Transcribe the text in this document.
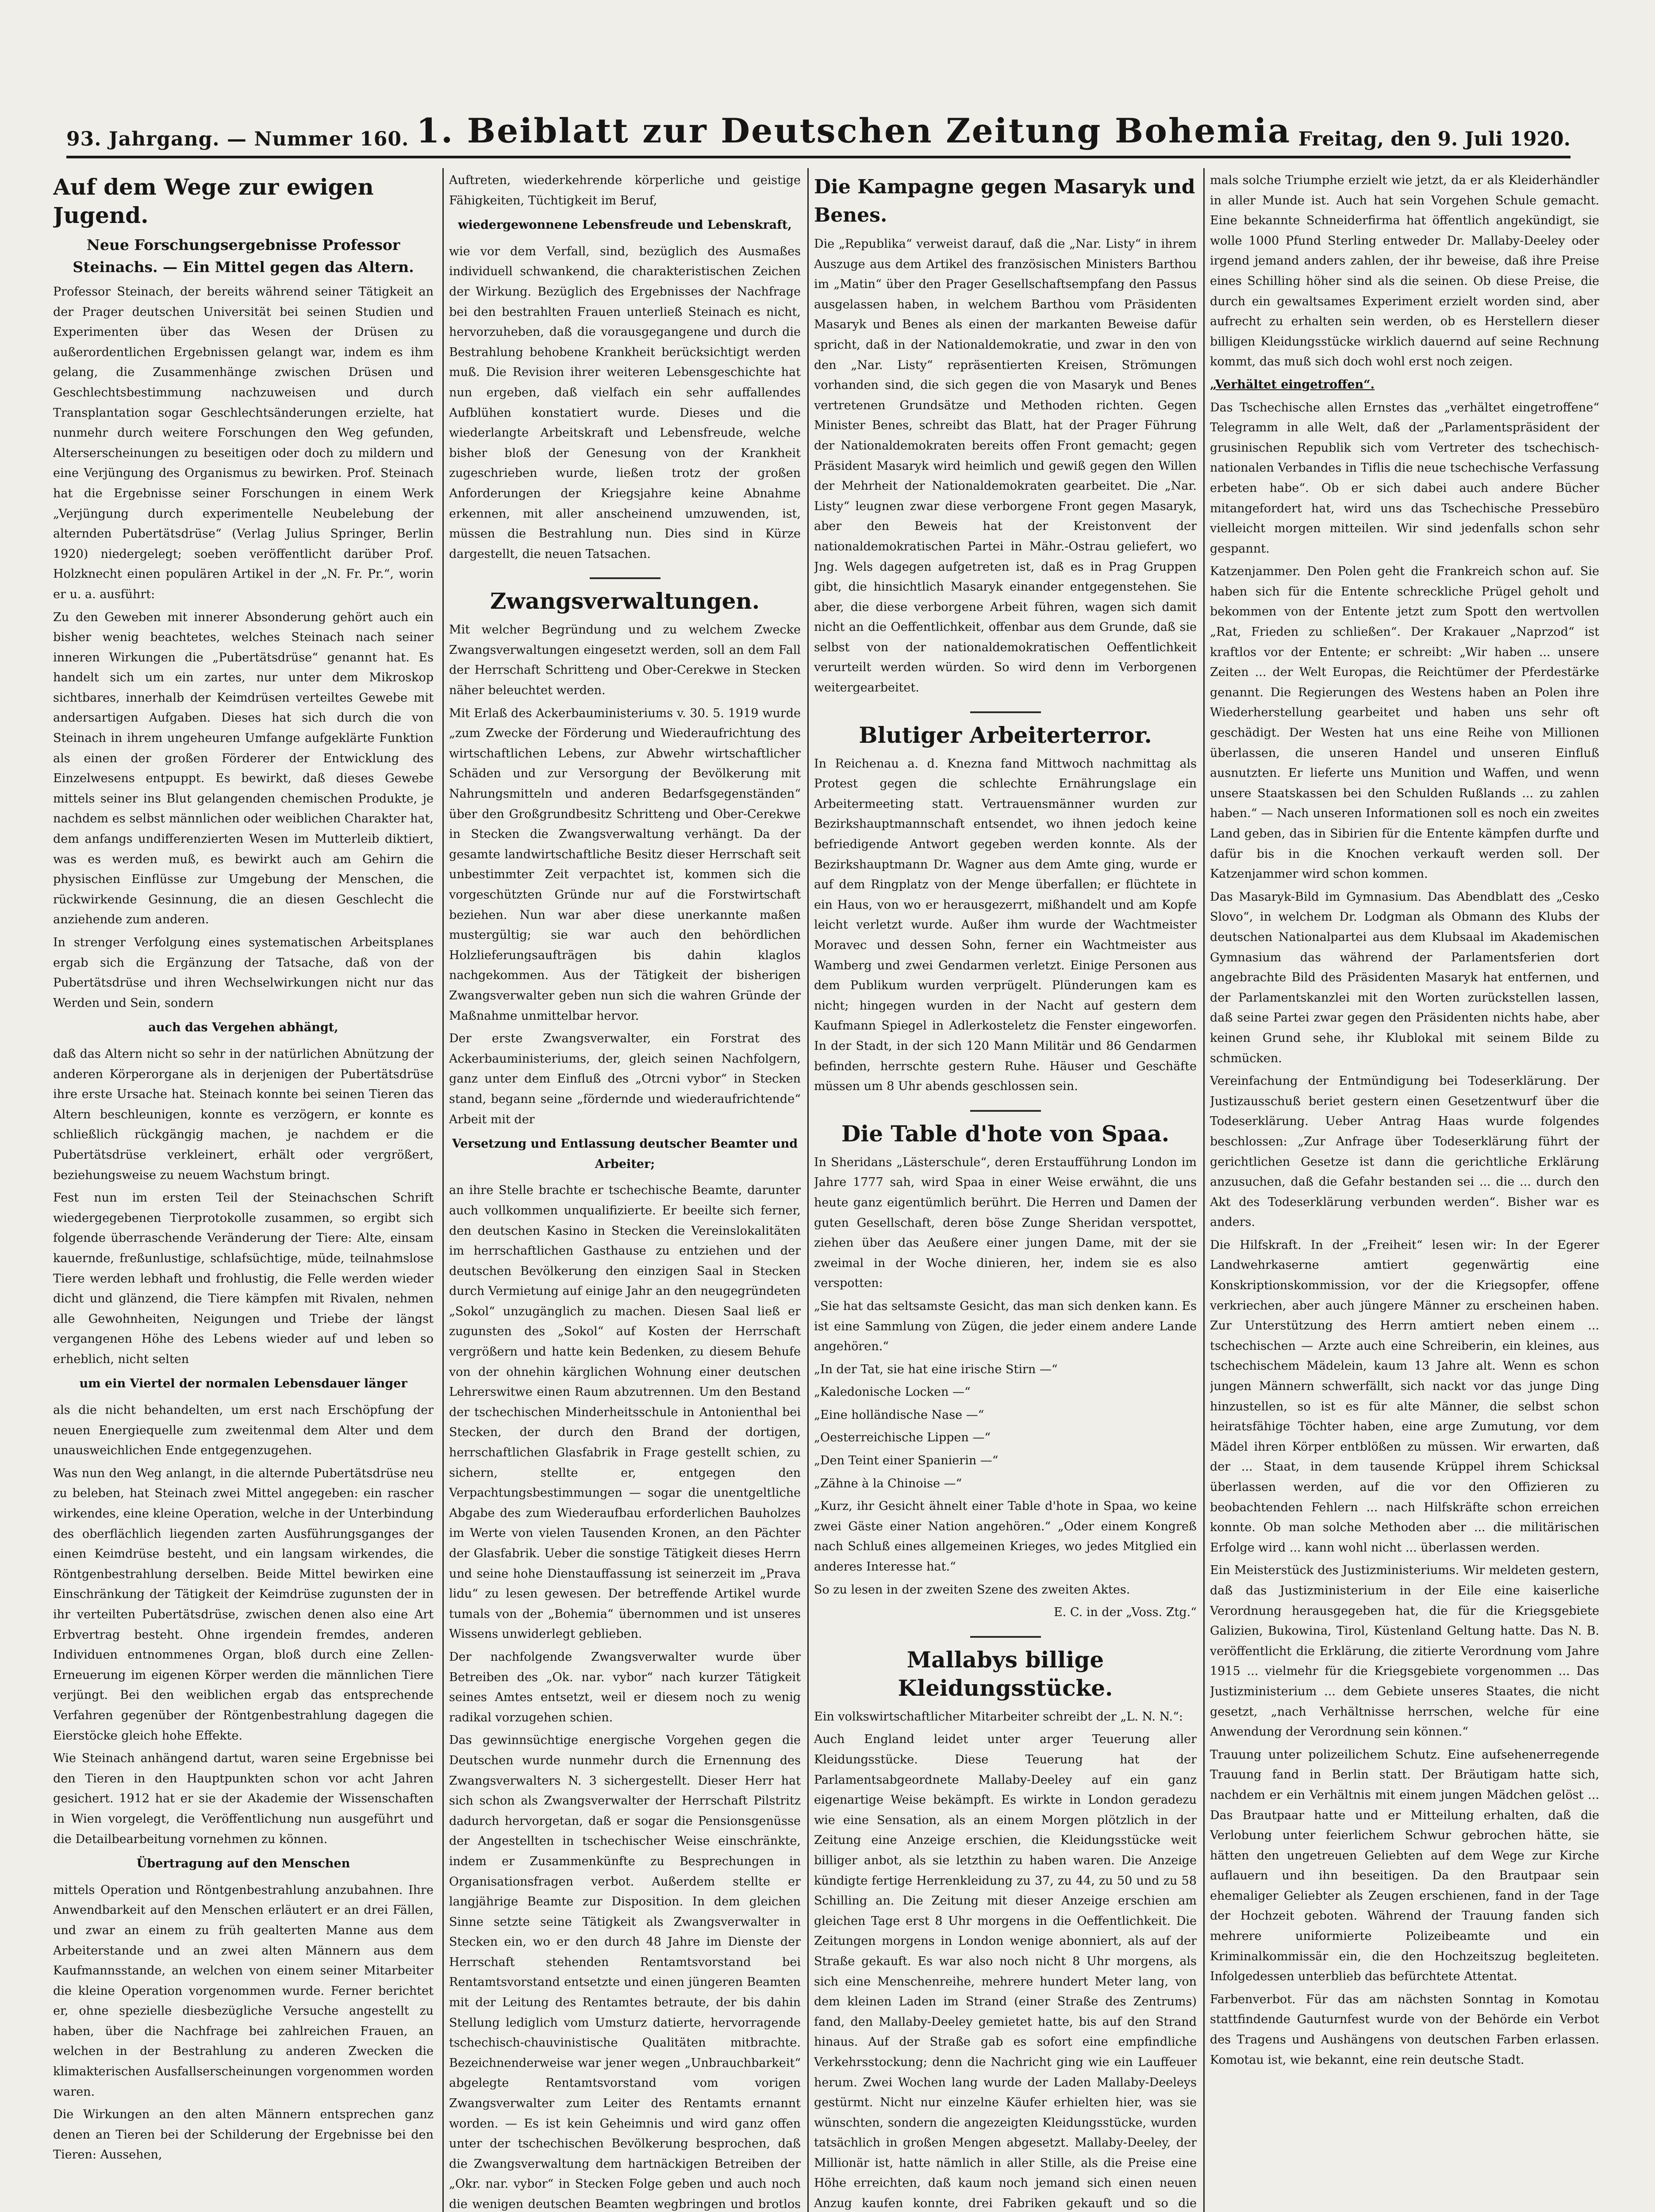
93. Jahrgang. — Nummer 160. 1. Beiblatt zur Deutschen Zeitung Bohemia Freitag, den 9. Juli 1920.
Auf dem Wege zur ewigen Jugend.
Neue Forschungsergebnisse Professor Steinachs. — Ein Mittel gegen das Altern.

Professor Steinach, der bereits während seiner Tätigkeit an der Prager deutschen Universität bei seinen Studien und Experimenten über das Wesen der Drüsen zu außerordentlichen Ergebnissen gelangt war, indem es ihm gelang, die Zusammenhänge zwischen Drüsen und Geschlechtsbestimmung nachzuweisen und durch Transplantation sogar Geschlechtsänderungen erzielte, hat nunmehr durch weitere Forschungen den Weg gefunden, Alterserscheinungen zu beseitigen oder doch zu mildern und eine Verjüngung des Organismus zu bewirken. Prof. Steinach hat die Ergebnisse seiner Forschungen in einem Werk „Verjüngung durch experimentelle Neubelebung der alternden Pubertätsdrüse“ (Verlag Julius Springer, Berlin 1920) niedergelegt; soeben veröffentlicht darüber Prof. Holzknecht einen populären Artikel in der „N. Fr. Pr.“, worin er u. a. ausführt:

Zu den Geweben mit innerer Absonderung gehört auch ein bisher wenig beachtetes, welches Steinach nach seiner inneren Wirkungen die „Pubertätsdrüse“ genannt hat. Es handelt sich um ein zartes, nur unter dem Mikroskop sichtbares, innerhalb der Keimdrüsen verteiltes Gewebe mit andersartigen Aufgaben. Dieses hat sich durch die von Steinach in ihrem ungeheuren Umfange aufgeklärte Funktion als einen der großen Förderer der Entwicklung des Einzelwesens entpuppt. Es bewirkt, daß dieses Gewebe mittels seiner ins Blut gelangenden chemischen Produkte, je nachdem es selbst männlichen oder weiblichen Charakter hat, dem anfangs undifferenzierten Wesen im Mutterleib diktiert, was es werden muß, es bewirkt auch am Gehirn die physischen Einflüsse zur Umgebung der Menschen, die rückwirkende Gesinnung, die an diesen Geschlecht die anziehende zum anderen.

In strenger Verfolgung eines systematischen Arbeitsplanes ergab sich die Ergänzung der Tatsache, daß von der Pubertätsdrüse und ihren Wechselwirkungen nicht nur das Werden und Sein, sondern

auch das Vergehen abhängt,

daß das Altern nicht so sehr in der natürlichen Abnützung der anderen Körperorgane als in derjenigen der Pubertätsdrüse ihre erste Ursache hat. Steinach konnte bei seinen Tieren das Altern beschleunigen, konnte es verzögern, er konnte es schließlich rückgängig machen, je nachdem er die Pubertätsdrüse verkleinert, erhält oder vergrößert, beziehungsweise zu neuem Wachstum bringt.

Fest nun im ersten Teil der Steinachschen Schrift wiedergegebenen Tierprotokolle zusammen, so ergibt sich folgende überraschende Veränderung der Tiere: Alte, einsam kauernde, freßunlustige, schlafsüchtige, müde, teilnahmslose Tiere werden lebhaft und frohlustig, die Felle werden wieder dicht und glänzend, die Tiere kämpfen mit Rivalen, nehmen alle Gewohnheiten, Neigungen und Triebe der längst vergangenen Höhe des Lebens wieder auf und leben so erheblich, nicht selten

um ein Viertel der normalen Lebensdauer länger

als die nicht behandelten, um erst nach Erschöpfung der neuen Energiequelle zum zweitenmal dem Alter und dem unausweichlichen Ende entgegenzugehen.

Was nun den Weg anlangt, in die alternde Pubertätsdrüse neu zu beleben, hat Steinach zwei Mittel angegeben: ein rascher wirkendes, eine kleine Operation, welche in der Unterbindung des oberflächlich liegenden zarten Ausführungsganges der einen Keimdrüse besteht, und ein langsam wirkendes, die Röntgenbestrahlung derselben. Beide Mittel bewirken eine Einschränkung der Tätigkeit der Keimdrüse zugunsten der in ihr verteilten Pubertätsdrüse, zwischen denen also eine Art Erbvertrag besteht. Ohne irgendein fremdes, anderen Individuen entnommenes Organ, bloß durch eine Zellen-Erneuerung im eigenen Körper werden die männlichen Tiere verjüngt. Bei den weiblichen ergab das entsprechende Verfahren gegenüber der Röntgenbestrahlung dagegen die Eierstöcke gleich hohe Effekte.

Wie Steinach anhängend dartut, waren seine Ergebnisse bei den Tieren in den Hauptpunkten schon vor acht Jahren gesichert. 1912 hat er sie der Akademie der Wissenschaften in Wien vorgelegt, die Veröffentlichung nun ausgeführt und die Detailbearbeitung vornehmen zu können.

Übertragung auf den Menschen

mittels Operation und Röntgenbestrahlung anzubahnen. Ihre Anwendbarkeit auf den Menschen erläutert er an drei Fällen, und zwar an einem zu früh gealterten Manne aus dem Arbeiterstande und an zwei alten Männern aus dem Kaufmannsstande, an welchen von einem seiner Mitarbeiter die kleine Operation vorgenommen wurde. Ferner berichtet er, ohne spezielle diesbezügliche Versuche angestellt zu haben, über die Nachfrage bei zahlreichen Frauen, an welchen in der Bestrahlung zu anderen Zwecken die klimakterischen Ausfallserscheinungen vorgenommen worden waren.

Die Wirkungen an den alten Männern entsprechen ganz denen an Tieren bei der Schilderung der Ergebnisse bei den Tieren: Aussehen,

Auftreten, wiederkehrende körperliche und geistige Fähigkeiten, Tüchtigkeit im Beruf,

wiedergewonnene Lebensfreude und Lebenskraft,

wie vor dem Verfall, sind, bezüglich des Ausmaßes individuell schwankend, die charakteristischen Zeichen der Wirkung. Bezüglich des Ergebnisses der Nachfrage bei den bestrahlten Frauen unterließ Steinach es nicht, hervorzuheben, daß die vorausgegangene und durch die Bestrahlung behobene Krankheit berücksichtigt werden muß. Die Revision ihrer weiteren Lebensgeschichte hat nun ergeben, daß vielfach ein sehr auffallendes Aufblühen konstatiert wurde. Dieses und die wiederlangte Arbeitskraft und Lebensfreude, welche bisher bloß der Genesung von der Krankheit zugeschrieben wurde, ließen trotz der großen Anforderungen der Kriegsjahre keine Abnahme erkennen, mit aller anscheinend umzuwenden, ist, müssen die Bestrahlung nun. Dies sind in Kürze dargestellt, die neuen Tatsachen.

Zwangsverwaltungen.

Mit welcher Begründung und zu welchem Zwecke Zwangsverwaltungen eingesetzt werden, soll an dem Fall der Herrschaft Schritteng und Ober-Cerekwe in Stecken näher beleuchtet werden.

Mit Erlaß des Ackerbauministeriums v. 30. 5. 1919 wurde „zum Zwecke der Förderung und Wiederaufrichtung des wirtschaftlichen Lebens, zur Abwehr wirtschaftlicher Schäden und zur Versorgung der Bevölkerung mit Nahrungsmitteln und anderen Bedarfsgegenständen“ über den Großgrundbesitz Schritteng und Ober-Cerekwe in Stecken die Zwangsverwaltung verhängt. Da der gesamte landwirtschaftliche Besitz dieser Herrschaft seit unbestimmter Zeit verpachtet ist, kommen sich die vorgeschützten Gründe nur auf die Forstwirtschaft beziehen. Nun war aber diese unerkannte maßen mustergültig; sie war auch den behördlichen Holzlieferungsaufträgen bis dahin klaglos nachgekommen. Aus der Tätigkeit der bisherigen Zwangsverwalter geben nun sich die wahren Gründe der Maßnahme unmittelbar hervor.

Der erste Zwangsverwalter, ein Forstrat des Ackerbauministeriums, der, gleich seinen Nachfolgern, ganz unter dem Einfluß des „Otrcni vybor“ in Stecken stand, begann seine „fördernde und wiederaufrichtende“ Arbeit mit der

Versetzung und Entlassung deutscher Beamter und Arbeiter;

an ihre Stelle brachte er tschechische Beamte, darunter auch vollkommen unqualifizierte. Er beeilte sich ferner, den deutschen Kasino in Stecken die Vereinslokalitäten im herrschaftlichen Gasthause zu entziehen und der deutschen Bevölkerung den einzigen Saal in Stecken durch Vermietung auf einige Jahr an den neugegründeten „Sokol“ unzugänglich zu machen. Diesen Saal ließ er zugunsten des „Sokol“ auf Kosten der Herrschaft vergrößern und hatte kein Bedenken, zu diesem Behufe von der ohnehin kärglichen Wohnung einer deutschen Lehrerswitwe einen Raum abzutrennen. Um den Bestand der tschechischen Minderheitsschule in Antonienthal bei Stecken, der durch den Brand der dortigen, herrschaftlichen Glasfabrik in Frage gestellt schien, zu sichern, stellte er, entgegen den Verpachtungsbestimmungen — sogar die unentgeltliche Abgabe des zum Wiederaufbau erforderlichen Bauholzes im Werte von vielen Tausenden Kronen, an den Pächter der Glasfabrik. Ueber die sonstige Tätigkeit dieses Herrn und seine hohe Dienstauffassung ist seinerzeit im „Prava lidu“ zu lesen gewesen. Der betreffende Artikel wurde tumals von der „Bohemia“ übernommen und ist unseres Wissens unwiderlegt geblieben.

Der nachfolgende Zwangsverwalter wurde über Betreiben des „Ok. nar. vybor“ nach kurzer Tätigkeit seines Amtes entsetzt, weil er diesem noch zu wenig radikal vorzugehen schien.

Das gewinnsüchtige energische Vorgehen gegen die Deutschen wurde nunmehr durch die Ernennung des Zwangsverwalters N. 3 sichergestellt. Dieser Herr hat sich schon als Zwangsverwalter der Herrschaft Pilstritz dadurch hervorgetan, daß er sogar die Pensionsgenüsse der Angestellten in tschechischer Weise einschränkte, indem er Zusammenkünfte zu Besprechungen in Organisationsfragen verbot. Außerdem stellte er langjährige Beamte zur Disposition. In dem gleichen Sinne setzte seine Tätigkeit als Zwangsverwalter in Stecken ein, wo er den durch 48 Jahre im Dienste der Herrschaft stehenden Rentamtsvorstand bei Rentamtsvorstand entsetzte und einen jüngeren Beamten mit der Leitung des Rentamtes betraute, der bis dahin Stellung lediglich vom Umsturz datierte, hervorragende tschechisch-chauvinistische Qualitäten mitbrachte. Bezeichnenderweise war jener wegen „Unbrauchbarkeit“ abgelegte Rentamtsvorstand vom vorigen Zwangsverwalter zum Leiter des Rentamts ernannt worden. — Es ist kein Geheimnis und wird ganz offen unter der tschechischen Bevölkerung besprochen, daß die Zwangsverwaltung dem hartnäckigen Betreiben der „Okr. nar. vybor“ in Stecken Folge geben und auch noch die wenigen deutschen Beamten wegbringen und brotlos

Die Kampagne gegen Masaryk und Benes.

Die „Republika“ verweist darauf, daß die „Nar. Listy“ in ihrem Auszuge aus dem Artikel des französischen Ministers Barthou im „Matin“ über den Prager Gesellschaftsempfang den Passus ausgelassen haben, in welchem Barthou vom Präsidenten Masaryk und Benes als einen der markanten Beweise dafür spricht, daß in der Nationaldemokratie, und zwar in den von den „Nar. Listy“ repräsentierten Kreisen, Strömungen vorhanden sind, die sich gegen die von Masaryk und Benes vertretenen Grundsätze und Methoden richten. Gegen Minister Benes, schreibt das Blatt, hat der Prager Führung der Nationaldemokraten bereits offen Front gemacht; gegen Präsident Masaryk wird heimlich und gewiß gegen den Willen der Mehrheit der Nationaldemokraten gearbeitet. Die „Nar. Listy“ leugnen zwar diese verborgene Front gegen Masaryk, aber den Beweis hat der Kreistonvent der nationaldemokratischen Partei in Mähr.-Ostrau geliefert, wo Jng. Wels dagegen aufgetreten ist, daß es in Prag Gruppen gibt, die hinsichtlich Masaryk einander entgegenstehen. Sie aber, die diese verborgene Arbeit führen, wagen sich damit nicht an die Oeffentlichkeit, offenbar aus dem Grunde, daß sie selbst von der nationaldemokratischen Oeffentlichkeit verurteilt werden würden. So wird denn im Verborgenen weitergearbeitet.

Blutiger Arbeiterterror.

In Reichenau a. d. Knezna fand Mittwoch nachmittag als Protest gegen die schlechte Ernährungslage ein Arbeitermeeting statt. Vertrauensmänner wurden zur Bezirkshauptmannschaft entsendet, wo ihnen jedoch keine befriedigende Antwort gegeben werden konnte. Als der Bezirkshauptmann Dr. Wagner aus dem Amte ging, wurde er auf dem Ringplatz von der Menge überfallen; er flüchtete in ein Haus, von wo er herausgezerrt, mißhandelt und am Kopfe leicht verletzt wurde. Außer ihm wurde der Wachtmeister Moravec und dessen Sohn, ferner ein Wachtmeister aus Wamberg und zwei Gendarmen verletzt. Einige Personen aus dem Publikum wurden verprügelt. Plünderungen kam es nicht; hingegen wurden in der Nacht auf gestern dem Kaufmann Spiegel in Adlerkosteletz die Fenster eingeworfen. In der Stadt, in der sich 120 Mann Militär und 86 Gendarmen befinden, herrschte gestern Ruhe. Häuser und Geschäfte müssen um 8 Uhr abends geschlossen sein.

Die Table d'hote von Spaa.

In Sheridans „Lästerschule“, deren Erstaufführung London im Jahre 1777 sah, wird Spaa in einer Weise erwähnt, die uns heute ganz eigentümlich berührt. Die Herren und Damen der guten Gesellschaft, deren böse Zunge Sheridan verspottet, ziehen über das Aeußere einer jungen Dame, mit der sie zweimal in der Woche dinieren, her, indem sie es also verspotten:

„Sie hat das seltsamste Gesicht, das man sich denken kann. Es ist eine Sammlung von Zügen, die jeder einem andere Lande angehören.“

„In der Tat, sie hat eine irische Stirn —“

„Kaledonische Locken —“

„Eine holländische Nase —“

„Oesterreichische Lippen —“

„Den Teint einer Spanierin —“

„Zähne à la Chinoise —“

„Kurz, ihr Gesicht ähnelt einer Table d'hote in Spaa, wo keine zwei Gäste einer Nation angehören.“ „Oder einem Kongreß nach Schluß eines allgemeinen Krieges, wo jedes Mitglied ein anderes Interesse hat.“

So zu lesen in der zweiten Szene des zweiten Aktes.

E. C. in der „Voss. Ztg.“

Mallabys billige Kleidungsstücke.

Ein volkswirtschaftlicher Mitarbeiter schreibt der „L. N. N.“:

Auch England leidet unter arger Teuerung aller Kleidungsstücke. Diese Teuerung hat der Parlamentsabgeordnete Mallaby-Deeley auf ein ganz eigenartige Weise bekämpft. Es wirkte in London geradezu wie eine Sensation, als an einem Morgen plötzlich in der Zeitung eine Anzeige erschien, die Kleidungsstücke weit billiger anbot, als sie letzthin zu haben waren. Die Anzeige kündigte fertige Herrenkleidung zu 37, zu 44, zu 50 und zu 58 Schilling an. Die Zeitung mit dieser Anzeige erschien am gleichen Tage erst 8 Uhr morgens in die Oeffentlichkeit. Die Zeitungen morgens in London wenige abonniert, als auf der Straße gekauft. Es war also noch nicht 8 Uhr morgens, als sich eine Menschenreihe, mehrere hundert Meter lang, von dem kleinen Laden im Strand (einer Straße des Zentrums) fand, den Mallaby-Deeley gemietet hatte, bis auf den Strand hinaus. Auf der Straße gab es sofort eine empfindliche Verkehrsstockung; denn die Nachricht ging wie ein Lauffeuer herum. Zwei Wochen lang wurde der Laden Mallaby-Deeleys gestürmt. Nicht nur einzelne Käufer erhielten hier, was sie wünschten, sondern die angezeigten Kleidungsstücke, wurden tatsächlich in großen Mengen abgesetzt. Mallaby-Deeley, der Millionär ist, hatte nämlich in aller Stille, als die Preise eine Höhe erreichten, daß kaum noch jemand sich einen neuen Anzug kaufen konnte, drei Fabriken gekauft und so die

mals solche Triumphe erzielt wie jetzt, da er als Kleiderhändler in aller Munde ist. Auch hat sein Vorgehen Schule gemacht. Eine bekannte Schneiderfirma hat öffentlich angekündigt, sie wolle 1000 Pfund Sterling entweder Dr. Mallaby-Deeley oder irgend jemand anders zahlen, der ihr beweise, daß ihre Preise eines Schilling höher sind als die seinen. Ob diese Preise, die durch ein gewaltsames Experiment erzielt worden sind, aber aufrecht zu erhalten sein werden, ob es Herstellern dieser billigen Kleidungsstücke wirklich dauernd auf seine Rechnung kommt, das muß sich doch wohl erst noch zeigen.

„Verhältet eingetroffen“.

Das Tschechische allen Ernstes das „verhältet eingetroffene“ Telegramm in alle Welt, daß der „Parlamentspräsident der grusinischen Republik sich vom Vertreter des tschechisch-nationalen Verbandes in Tiflis die neue tschechische Verfassung erbeten habe“. Ob er sich dabei auch andere Bücher mitangefordert hat, wird uns das Tschechische Pressebüro vielleicht morgen mitteilen. Wir sind jedenfalls schon sehr gespannt.

Katzenjammer. Den Polen geht die Frankreich schon auf. Sie haben sich für die Entente schreckliche Prügel geholt und bekommen von der Entente jetzt zum Spott den wertvollen „Rat, Frieden zu schließen“. Der Krakauer „Naprzod“ ist kraftlos vor der Entente; er schreibt: „Wir haben ... unsere Zeiten ... der Welt Europas, die Reichtümer der Pferdestärke genannt. Die Regierungen des Westens haben an Polen ihre Wiederherstellung gearbeitet und haben uns sehr oft geschädigt. Der Westen hat uns eine Reihe von Millionen überlassen, die unseren Handel und unseren Einfluß ausnutzten. Er lieferte uns Munition und Waffen, und wenn unsere Staatskassen bei den Schulden Rußlands ... zu zahlen haben.“ — Nach unseren Informationen soll es noch ein zweites Land geben, das in Sibirien für die Entente kämpfen durfte und dafür bis in die Knochen verkauft werden soll. Der Katzenjammer wird schon kommen.

Das Masaryk-Bild im Gymnasium. Das Abendblatt des „Cesko Slovo“, in welchem Dr. Lodgman als Obmann des Klubs der deutschen Nationalpartei aus dem Klubsaal im Akademischen Gymnasium das während der Parlamentsferien dort angebrachte Bild des Präsidenten Masaryk hat entfernen, und der Parlamentskanzlei mit den Worten zurückstellen lassen, daß seine Partei zwar gegen den Präsidenten nichts habe, aber keinen Grund sehe, ihr Klublokal mit seinem Bilde zu schmücken.

Vereinfachung der Entmündigung bei Todeserklärung. Der Justizausschuß beriet gestern einen Gesetzentwurf über die Todeserklärung. Ueber Antrag Haas wurde folgendes beschlossen: „Zur Anfrage über Todeserklärung führt der gerichtlichen Gesetze ist dann die gerichtliche Erklärung anzusuchen, daß die Gefahr bestanden sei ... die ... durch den Akt des Todeserklärung verbunden werden“. Bisher war es anders.

Die Hilfskraft. In der „Freiheit“ lesen wir: In der Egerer Landwehrkaserne amtiert gegenwärtig eine Konskriptionskommission, vor der die Kriegsopfer, offene verkriechen, aber auch jüngere Männer zu erscheinen haben. Zur Unterstützung des Herrn amtiert neben einem ... tschechischen — Arzte auch eine Schreiberin, ein kleines, aus tschechischem Mädelein, kaum 13 Jahre alt. Wenn es schon jungen Männern schwerfällt, sich nackt vor das junge Ding hinzustellen, so ist es für alte Männer, die selbst schon heiratsfähige Töchter haben, eine arge Zumutung, vor dem Mädel ihren Körper entblößen zu müssen. Wir erwarten, daß der ... Staat, in dem tausende Krüppel ihrem Schicksal überlassen werden, auf die vor den Offizieren zu beobachtenden Fehlern ... nach Hilfskräfte schon erreichen konnte. Ob man solche Methoden aber ... die militärischen Erfolge wird ... kann wohl nicht ... überlassen werden.

Ein Meisterstück des Justizministeriums. Wir meldeten gestern, daß das Justizministerium in der Eile eine kaiserliche Verordnung herausgegeben hat, die für die Kriegsgebiete Galizien, Bukowina, Tirol, Küstenland Geltung hatte. Das N. B. veröffentlicht die Erklärung, die zitierte Verordnung vom Jahre 1915 ... vielmehr für die Kriegsgebiete vorgenommen ... Das Justizministerium ... dem Gebiete unseres Staates, die nicht gesetzt, „nach Verhältnisse herrschen, welche für eine Anwendung der Verordnung sein können.“

Trauung unter polizeilichem Schutz. Eine aufsehenerregende Trauung fand in Berlin statt. Der Bräutigam hatte sich, nachdem er ein Verhältnis mit einem jungen Mädchen gelöst ... Das Brautpaar hatte und er Mitteilung erhalten, daß die Verlobung unter feierlichem Schwur gebrochen hätte, sie hätten den ungetreuen Geliebten auf dem Wege zur Kirche auflauern und ihn beseitigen. Da den Brautpaar sein ehemaliger Geliebter als Zeugen erschienen, fand in der Tage der Hochzeit geboten. Während der Trauung fanden sich mehrere uniformierte Polizeibeamte und ein Kriminalkommissär ein, die den Hochzeitszug begleiteten. Infolgedessen unterblieb das befürchtete Attentat.

Farbenverbot. Für das am nächsten Sonntag in Komotau stattfindende Gauturnfest wurde von der Behörde ein Verbot des Tragens und Aushängens von deutschen Farben erlassen. Komotau ist, wie bekannt, eine rein deutsche Stadt.
